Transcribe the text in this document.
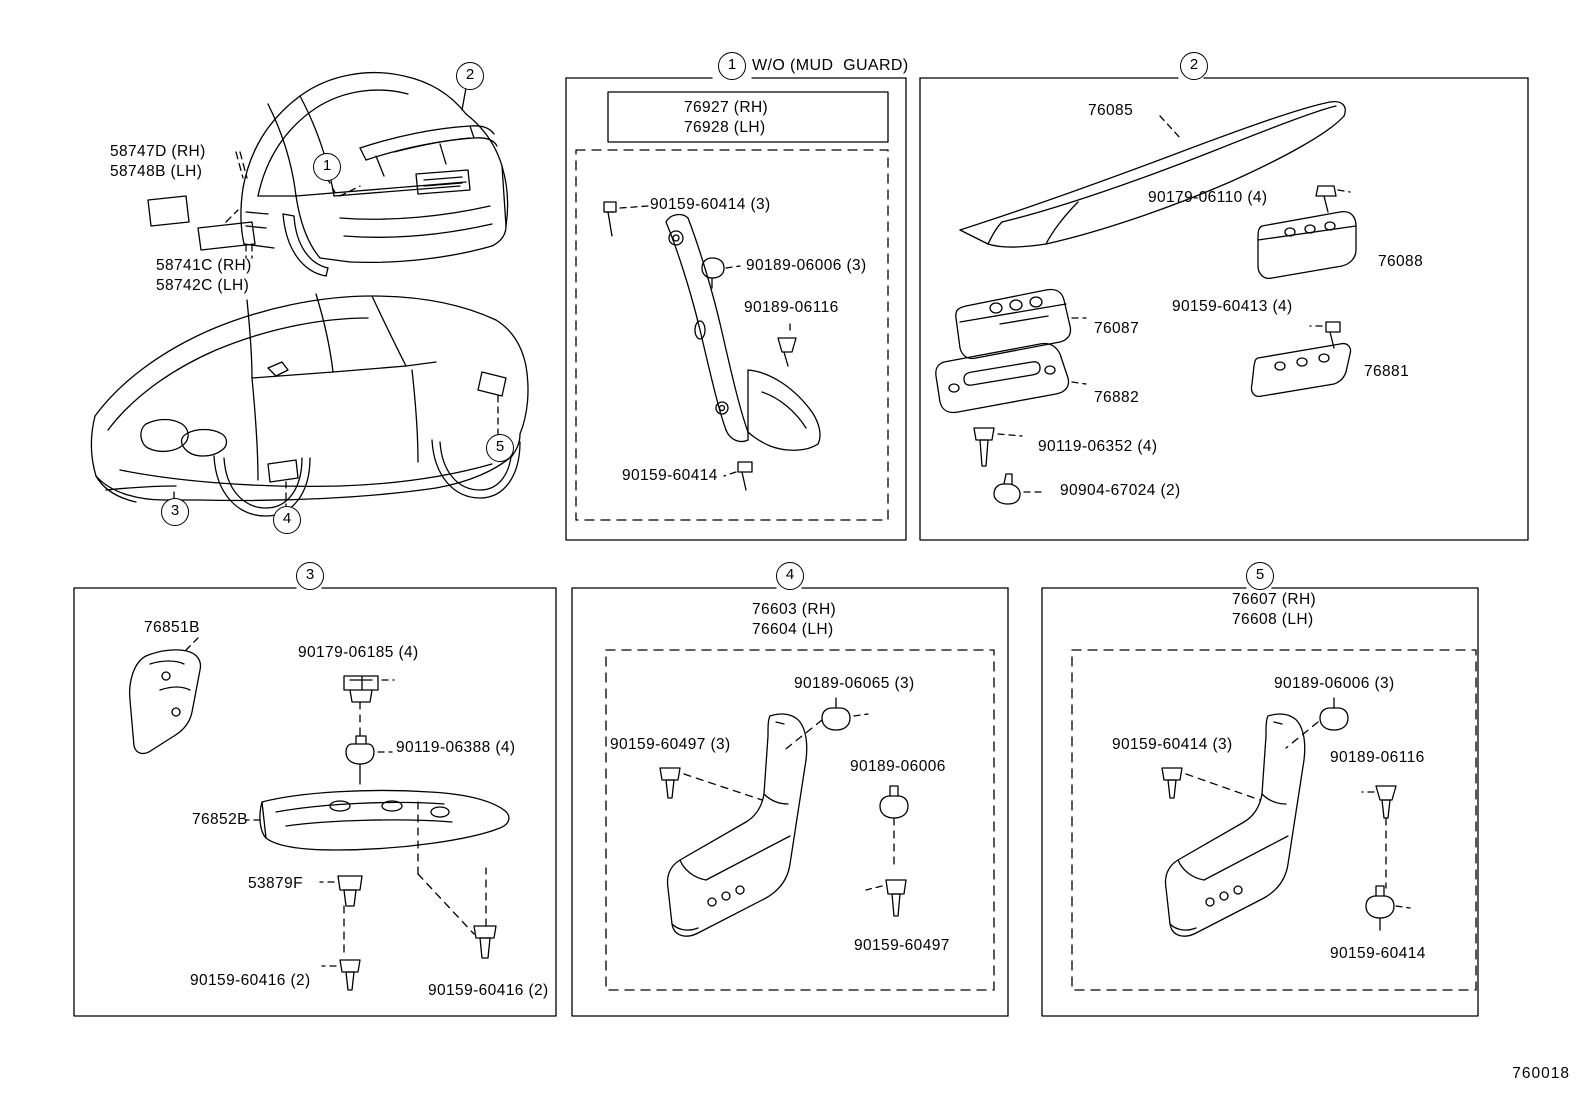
1 W/O (MUD  GUARD)	2
3	4	5
2
1
3	4
5
58747D (RH)
58748B (LH)
58741C (RH)
58742C (LH)
76927 (RH)
76928 (LH)
90159-60414 (3)
90189-06006 (3)
90189-06116
90159-60414
76085
90179-06110 (4)
76088
90159-60413 (4)
76087
76882
76881
90119-06352 (4)
90904-67024 (2)
76851B
90179-06185 (4)
90119-06388 (4)
76852B
53879F
90159-60416 (2)
90159-60416 (2)
76603 (RH)
76604 (LH)
90189-06065 (3)
90159-60497 (3)
90189-06006
90159-60497
76607 (RH)
76608 (LH)
90189-06006 (3)
90159-60414 (3)
90189-06116
90159-60414
760018
